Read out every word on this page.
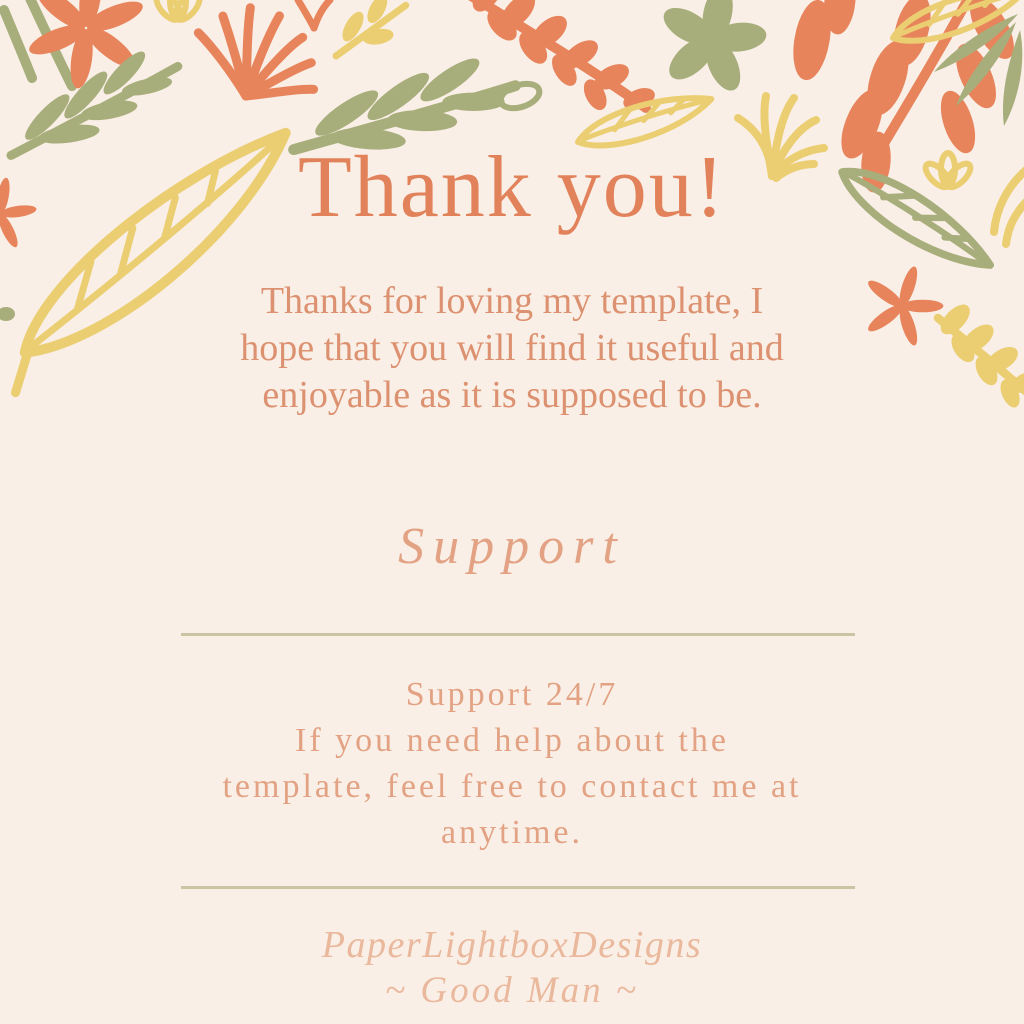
Thank you!
Thanks for loving my template, I
hope that you will find it useful and
enjoyable as it is supposed to be.
Support
Support 24/7
If you need help about the
template, feel free to contact me at
anytime.
PaperLightboxDesigns
~ Good Man ~
